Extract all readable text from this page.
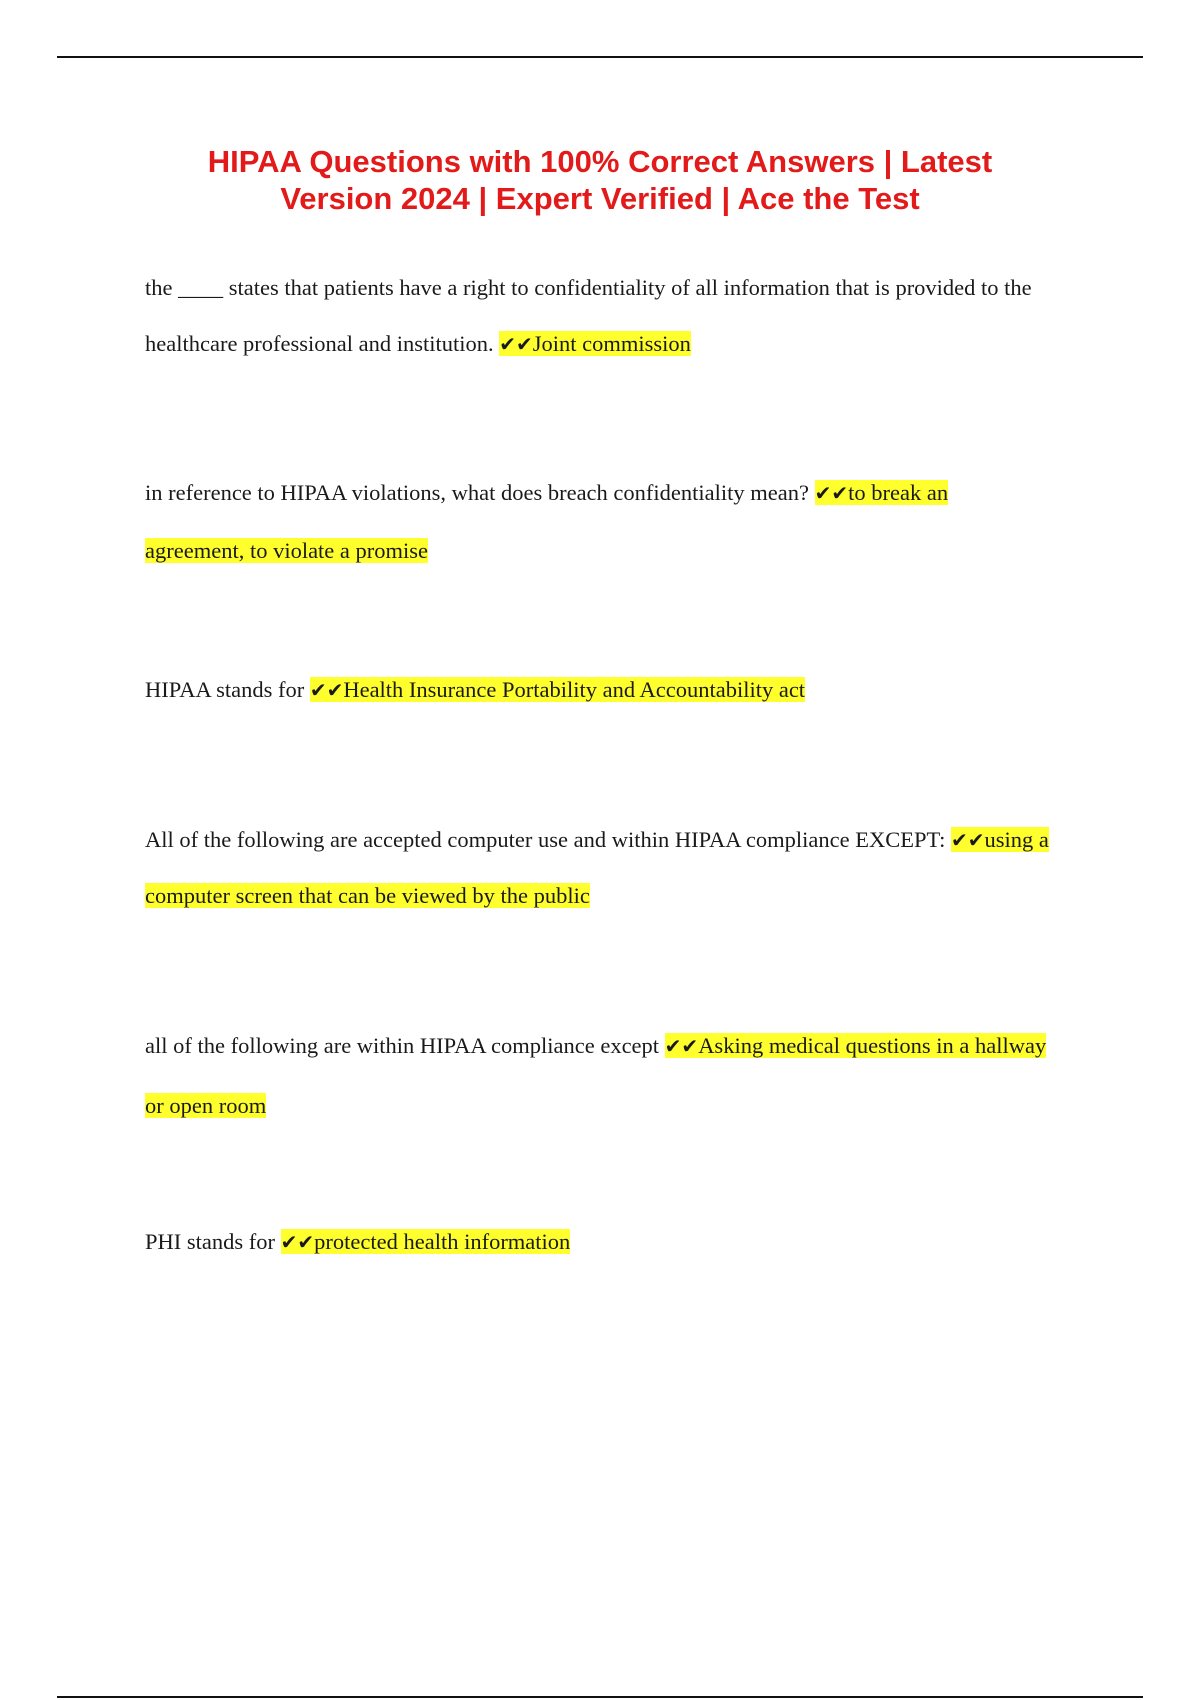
HIPAA Questions with 100% Correct Answers | Latest Version 2024 | Expert Verified | Ace the Test

the ____ states that patients have a right to confidentiality of all information that is provided to the healthcare professional and institution. ✔✔Joint commission

in reference to HIPAA violations, what does breach confidentiality mean? ✔✔to break an agreement, to violate a promise

HIPAA stands for ✔✔Health Insurance Portability and Accountability act

All of the following are accepted computer use and within HIPAA compliance EXCEPT: ✔✔using a computer screen that can be viewed by the public

all of the following are within HIPAA compliance except ✔✔Asking medical questions in a hallway or open room

PHI stands for ✔✔protected health information
